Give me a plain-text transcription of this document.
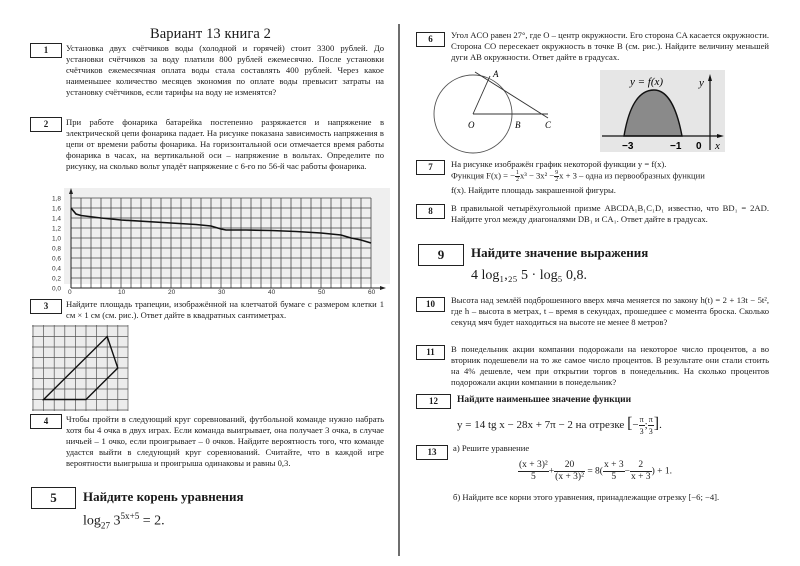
Вариант 13 книга 2
1	Установка двух счётчиков воды (холодной и горячей) стоит 3300 рублей. До установки счётчиков за воду платили 800 рублей ежемесячно. После установки счётчиков ежемесячная оплата воды стала составлять 400 рублей. Через какое наименьшее количество месяцев экономия по оплате воды превысит затраты на установку счётчиков, если тарифы на воду не изменятся?
2	При работе фонарика батарейка постепенно разряжается и напряжение в электрической цепи фонарика падает. На рисунке показана зависимость напряжения в цепи от времени работы фонарика. На горизонтальной оси отмечается время работы фонарика в часах, на вертикальной оси – напряжение в вольтах. Определите по рисунку, на сколько вольт упадёт напряжение с 6-го по 56-й час работы фонарика.
0,0
0,2
0,4
0,6
0,8
1,0
1,2
1,4
1,6
1,8
0	10	20	30	40	50	60
3	Найдите площадь трапеции, изображённой на клетчатой бумаге с размером клетки 1 см × 1 см (см. рис.). Ответ дайте в квадратных сантиметрах.
4	Чтобы пройти в следующий круг соревнований, футбольной команде нужно набрать хотя бы 4 очка в двух играх. Если команда выигрывает, она получает 3 очка, в случае ничьей – 1 очко, если проигрывает – 0 очков. Найдите вероятность того, что команде удастся выйти в следующий круг соревнований. Считайте, что в каждой игре вероятности выигрыша и проигрыша одинаковы и равны 0,3.
5	Найдите корень уравнения
$\log_{27} 3^{5x+5} = 2$.
6	Угол ACO равен 27°, где O – центр окружности. Его сторона CA касается окружности. Сторона CO пересекает окружность в точке B (см. рис.). Найдите величину меньшей дуги AB окружности. Ответ дайте в градусах.
A
O	B	C
y = f(x)	y
x
−3	−1 0
7	На рисунке изображён график некоторой функции y = f(x).
Функция F(x) = − $\frac{1}{2} x^3 - 3x^2 - \frac{9}{2}$ x + 3 – одна из первообразных функции
f(x). Найдите площадь закрашенной фигуры.
8	В правильной четырёхугольной призме ABCDA₁B₁C₁D₁ известно, что BD₁ = 2AD. Найдите угол между диагоналями DB₁ и CA₁. Ответ дайте в градусах.
9	Найдите значение выражения
4 log₁,₂₅ 5 · log₅ 0,8.
10	Высота над землёй подброшенного вверх мяча меняется по закону h(t) = 2 + 13t − 5t², где h – высота в метрах, t – время в секундах, прошедшее с момента броска. Сколько секунд мяч будет находиться на высоте не менее 8 метров?
11	В понедельник акции компании подорожали на некоторое число процентов, а во вторник подешевели на то же самое число процентов. В результате они стали стоить на 4% дешевле, чем при открытии торгов в понедельник. На сколько процентов подорожали акции компании в понедельник?
12	Найдите наименьшее значение функции
y = 14 tg x − 28x + 7π − 2 на отрезке [− $\frac{\pi}{3}$ ; $\frac{\pi}{3}$ ].
13	а) Решите уравнение
$\frac{\text{(x + 3)²}}{5} + \frac{20}{\text{(x + 3)²}} = 8( \frac{x + 3}{5} - \frac{2}{x + 3}$ ) + 1.
б) Найдите все корни этого уравнения, принадлежащие отрезку [−6; −4].
